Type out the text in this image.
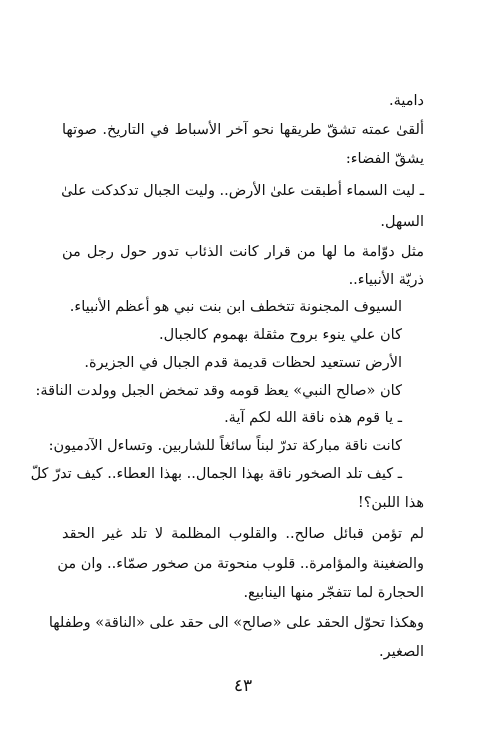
دامية.
ألقىٰ عمته تشقّ طريقها نحو آخر الأسباط في التاريخ. صوتها
يشقّ الفضاء:
ـ ليت السماء أطبقت علىٰ الأرض.. وليت الجبال تدكدكت علىٰ
السهل.
مثل دوّامة ما لها من قرار كانت الذئاب تدور حول رجل من
ذريّة الأنبياء..
السيوف المجنونة تتخطف ابن بنت نبي هو أعظم الأنبياء.
كان علي ينوء بروح مثقلة بهموم كالجبال.
الأرض تستعيد لحظات قديمة قدم الجبال في الجزيرة.
كان «صالح النبي» يعظ قومه وقد تمخض الجبل وولدت الناقة:
ـ يا قوم هذه ناقة الله لكم آية.
كانت ناقة مباركة تدرّ لبناً سائغاً للشاربين. وتساءل الآدميون:
ـ كيف تلد الصخور ناقة بهذا الجمال.. بهذا العطاء.. كيف تدرّ كلّ
هذا اللبن؟!
لم تؤمن قبائل صالح.. والقلوب المظلمة لا تلد غير الحقد
والضغينة والمؤامرة.. قلوب منحوتة من صخور صمّاء.. وان من
الحجارة لما تتفجّر منها الينابيع.
وهكذا تحوّل الحقد على «صالح» الى حقد على «الناقة» وطفلها
الصغير.
٤٣
